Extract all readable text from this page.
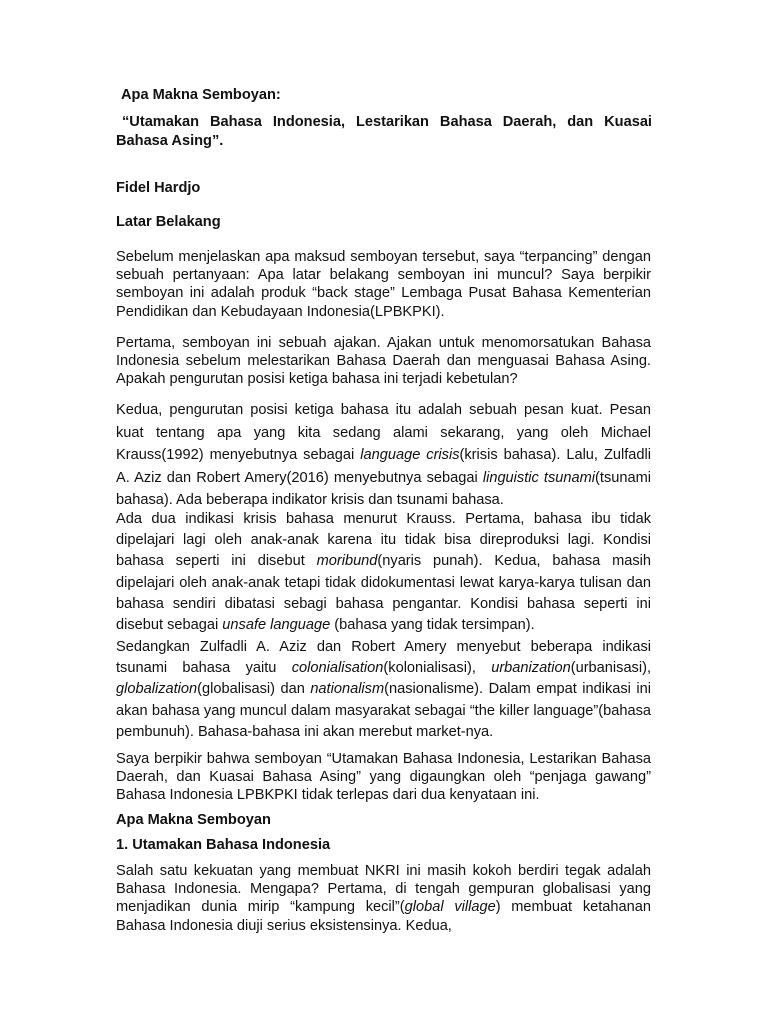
Apa Makna Semboyan:

“Utamakan Bahasa Indonesia, Lestarikan Bahasa Daerah, dan Kuasai Bahasa Asing”.

Fidel Hardjo

Latar Belakang

Sebelum menjelaskan apa maksud semboyan tersebut, saya “terpancing” dengan sebuah pertanyaan: Apa latar belakang semboyan ini muncul? Saya berpikir semboyan ini adalah produk “back stage” Lembaga Pusat Bahasa Kementerian Pendidikan dan Kebudayaan Indonesia(LPBKPKI).

Pertama, semboyan ini sebuah ajakan. Ajakan untuk menomorsatukan Bahasa Indonesia sebelum melestarikan Bahasa Daerah dan menguasai Bahasa Asing. Apakah pengurutan posisi ketiga bahasa ini terjadi kebetulan?

Kedua, pengurutan posisi ketiga bahasa itu adalah sebuah pesan kuat. Pesan kuat tentang apa yang kita sedang alami sekarang, yang oleh Michael Krauss(1992) menyebutnya sebagai language crisis(krisis bahasa). Lalu, Zulfadli A. Aziz dan Robert Amery(2016) menyebutnya sebagai linguistic tsunami(tsunami bahasa). Ada beberapa indikator krisis dan tsunami bahasa.

Ada dua indikasi krisis bahasa menurut Krauss. Pertama, bahasa ibu tidak dipelajari lagi oleh anak-anak karena itu tidak bisa direproduksi lagi. Kondisi bahasa seperti ini disebut moribund(nyaris punah). Kedua, bahasa masih dipelajari oleh anak-anak tetapi tidak didokumentasi lewat karya-karya tulisan dan bahasa sendiri dibatasi sebagi bahasa pengantar. Kondisi bahasa seperti ini disebut sebagai unsafe language (bahasa yang tidak tersimpan).

Sedangkan Zulfadli A. Aziz dan Robert Amery menyebut beberapa indikasi tsunami bahasa yaitu colonialisation(kolonialisasi), urbanization(urbanisasi), globalization(globalisasi) dan nationalism(nasionalisme). Dalam empat indikasi ini akan bahasa yang muncul dalam masyarakat sebagai “the killer language”(bahasa pembunuh). Bahasa-bahasa ini akan merebut market-nya.

Saya berpikir bahwa semboyan “Utamakan Bahasa Indonesia, Lestarikan Bahasa Daerah, dan Kuasai Bahasa Asing” yang digaungkan oleh “penjaga gawang” Bahasa Indonesia LPBKPKI tidak terlepas dari dua kenyataan ini.

Apa Makna Semboyan

1. Utamakan Bahasa Indonesia

Salah satu kekuatan yang membuat NKRI ini masih kokoh berdiri tegak adalah Bahasa Indonesia. Mengapa? Pertama, di tengah gempuran globalisasi yang menjadikan dunia mirip “kampung kecil”(global village) membuat ketahanan Bahasa Indonesia diuji serius eksistensinya. Kedua,
